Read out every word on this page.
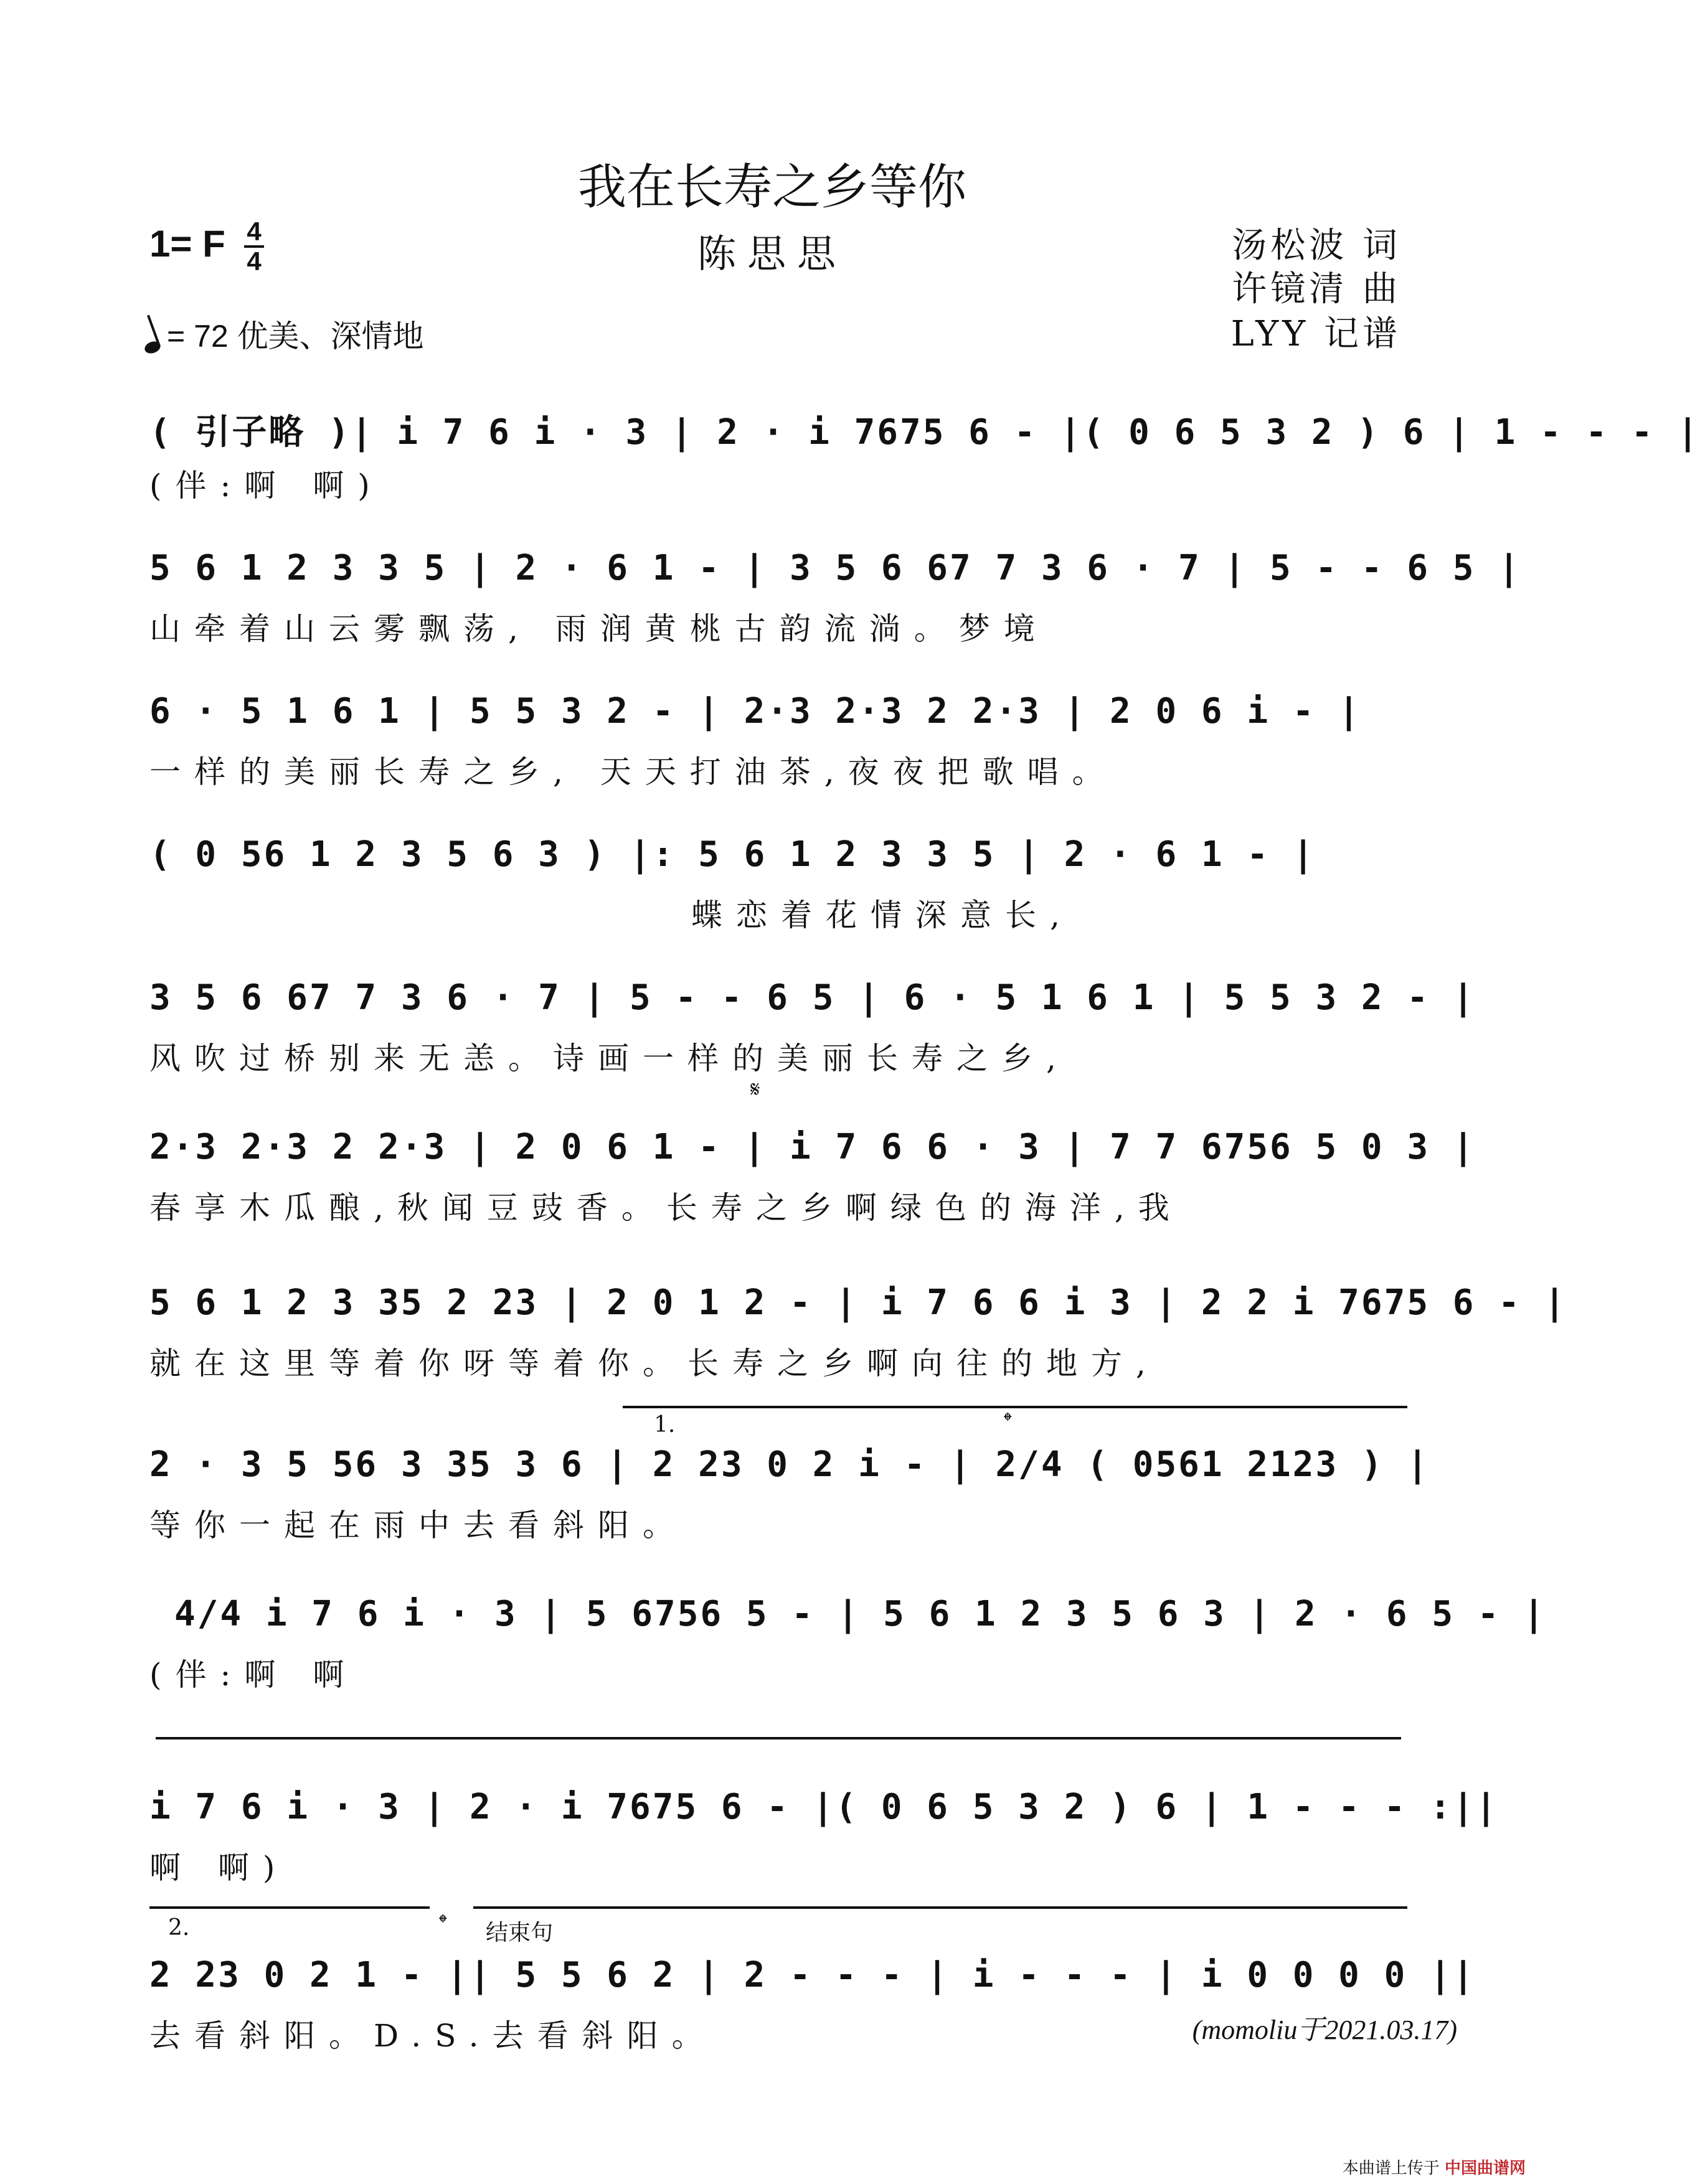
我在长寿之乡等你
1= F $\frac{4}{4}$	陈思思	汤松波 词
许镜清 曲
LYY 记谱
= 72 优美、深情地
( 引子略 )| i 7 6 i · 3 | 2 · i 7675 6 - |( 0 6 5 3 2 ) 6 | 1 - - - |
(伴:啊 啊)
5 6 1 2 3 3 5 | 2 · 6 1 - | 3 5 6 67 7 3 6 · 7 | 5 - - 6 5 |
山牵着山云雾飘荡, 雨润黄桃古韵流淌。梦境
6 · 5 1 6 1 | 5 5 3 2 - | 2·3 2·3 2 2·3 | 2 0 6 i - |
一样的美丽长寿之乡, 天天打油茶,夜夜把歌唱。
( 0 56 1 2 3 5 6 3 ) |: 5 6 1 2 3 3 5 | 2 · 6 1 - |
蝶恋着花情深意长,
3 5 6 67 7 3 6 · 7 | 5 - - 6 5 | 6 · 5 1 6 1 | 5 5 3 2 - |
风吹过桥别来无恙。诗画一样的美丽长寿之乡,
𝄋
2·3 2·3 2 2·3 | 2 0 6 1 - | i 7 6 6 · 3 | 7 7 6756 5 0 3 |
春享木瓜酿,秋闻豆豉香。长寿之乡啊绿色的海洋,我
5 6 1 2 3 35 2 23 | 2 0 1 2 - | i 7 6 6 i 3 | 2 2 i 7675 6 - |
就在这里等着你呀等着你。长寿之乡啊向往的地方,
1.	𝄌
2 · 3 5 56 3 35 3 6 | 2 23 0 2 i - | 2/4 ( 0561 2123 ) |
等你一起在雨中去看斜阳。
4/4 i 7 6 i · 3 | 5 6756 5 - | 5 6 1 2 3 5 6 3 | 2 · 6 5 - |
(伴:啊 啊
i 7 6 i · 3 | 2 · i 7675 6 - |( 0 6 5 3 2 ) 6 | 1 - - - :||
啊 啊)
2.	𝄌 结束句
2 23 0 2 1 - || 5 5 6 2 | 2 - - - | i - - - | i 0 0 0 0 ||
去看斜阳。D.S.去看斜阳。	(momoliu于2021.03.17)
本曲谱上传于 中国曲谱网
